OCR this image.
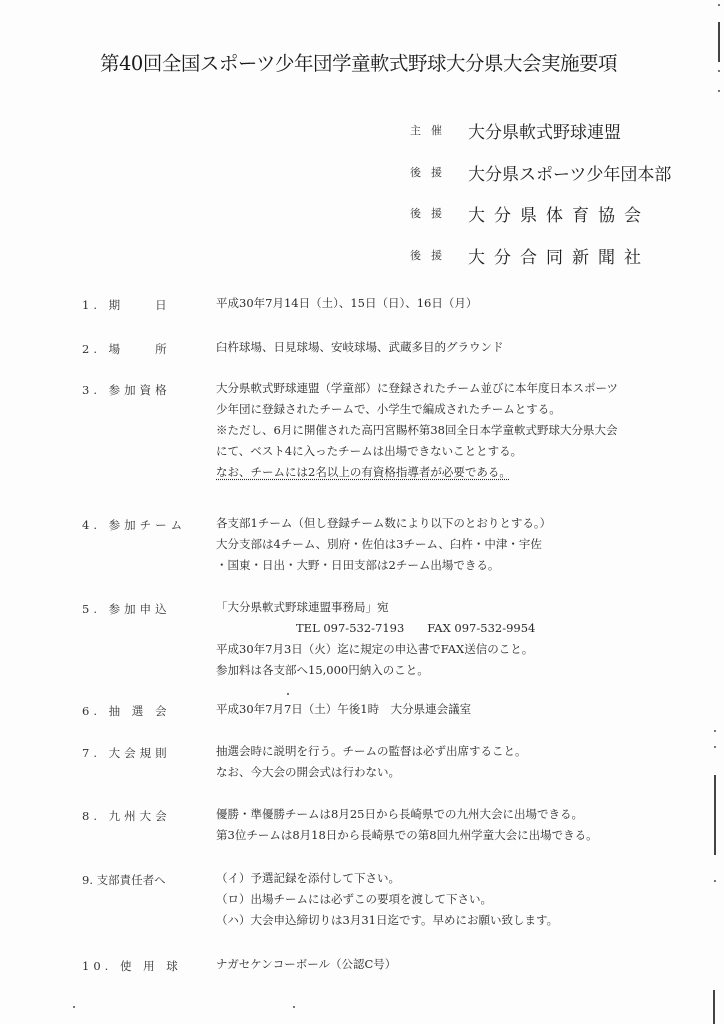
第40回全国スポーツ少年団学童軟式野球大分県大会実施要項
主催 大分県軟式野球連盟
後援 大分県スポーツ少年団本部
後援 大分県体育協会
後援 大分合同新聞社
1. 期　　日	平成30年7月14日（土）、15日（日）、16日（月）
2. 場　　所	臼杵球場、日見球場、安岐球場、武蔵多目的グラウンド
3. 参加資格	大分県軟式野球連盟（学童部）に登録されたチーム並びに本年度日本スポーツ
少年団に登録されたチームで、小学生で編成されたチームとする。
※ただし、6月に開催された高円宮賜杯第38回全日本学童軟式野球大分県大会
にて、ベスト4に入ったチームは出場できないこととする。
なお、チームには2名以上の有資格指導者が必要である。
4. 参加チーム	各支部1チーム（但し登録チーム数により以下のとおりとする。）
大分支部は4チーム、別府・佐伯は3チーム、臼杵・中津・宇佐
・国東・日出・大野・日田支部は2チーム出場できる。
5. 参加申込	「大分県軟式野球連盟事務局」宛
TEL 097-532-7193　　FAX 097-532-9954
平成30年7月3日（火）迄に規定の申込書でFAX送信のこと。
参加料は各支部へ15,000円納入のこと。
6. 抽 選 会	平成30年7月7日（土）午後1時　大分県連会議室
7. 大会規則	抽選会時に説明を行う。チームの監督は必ず出席すること。
なお、今大会の開会式は行わない。
8. 九州大会	優勝・準優勝チームは8月25日から長崎県での九州大会に出場できる。
第3位チームは8月18日から長崎県での第8回九州学童大会に出場できる。
9. 支部責任者へ	（イ）予選記録を添付して下さい。
（ロ）出場チームには必ずこの要項を渡して下さい。
（ハ）大会申込締切りは3月31日迄です。早めにお願い致します。
10. 使 用 球	ナガセケンコーボール（公認C号）
